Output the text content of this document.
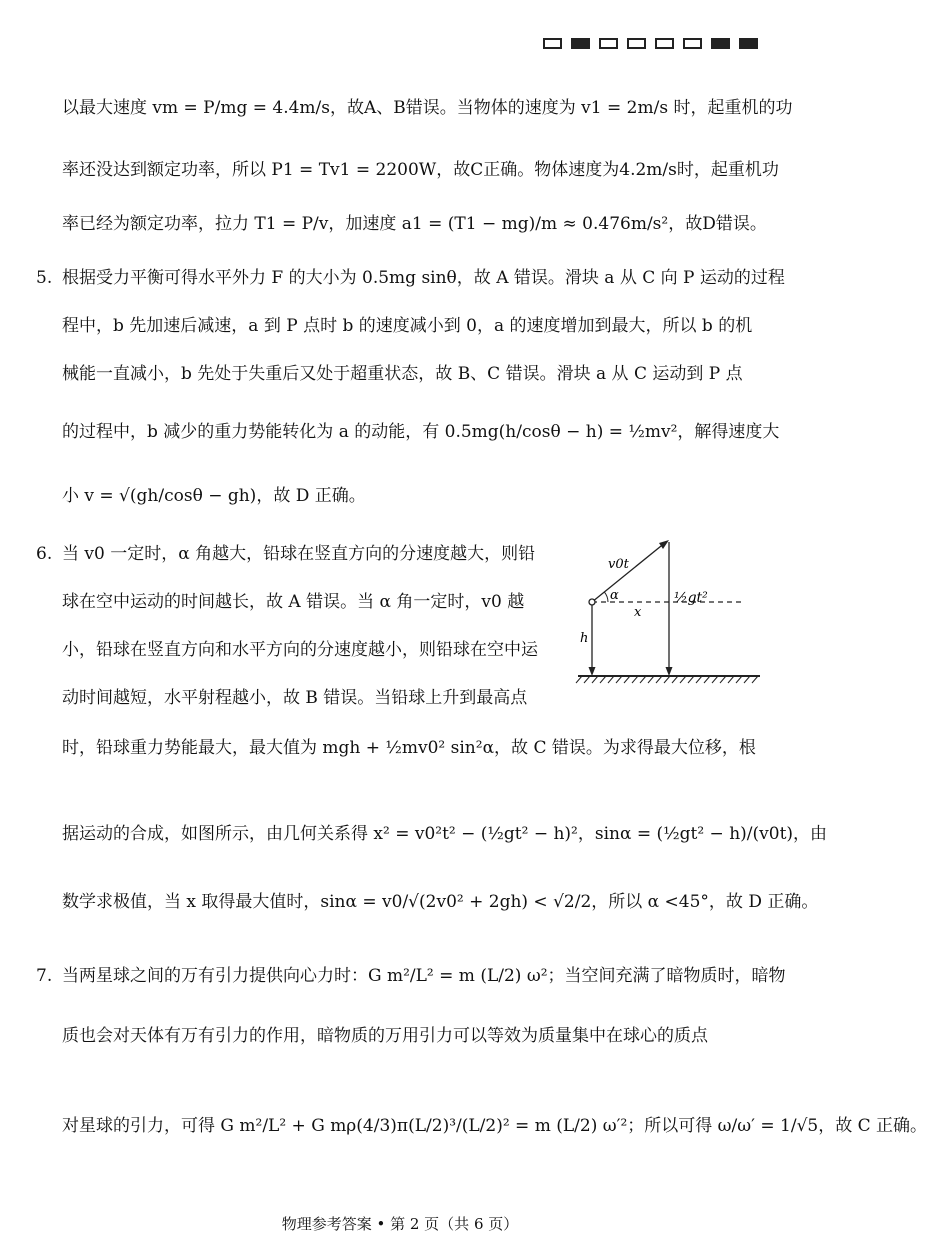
以最大速度 vm = P/mg = 4.4m/s，故A、B错误。当物体的速度为 v1 = 2m/s 时，起重机的功
率还没达到额定功率，所以 P1 = Tv1 = 2200W，故C正确。物体速度为4.2m/s时，起重机功
率已经为额定功率，拉力 T1 = P/v，加速度 a1 = (T1 − mg)/m ≈ 0.476m/s²，故D错误。
5. 根据受力平衡可得水平外力 F 的大小为 0.5mg sinθ，故 A 错误。滑块 a 从 C 向 P 运动的过程
程中，b 先加速后减速，a 到 P 点时 b 的速度减小到 0，a 的速度增加到最大，所以 b 的机
械能一直减小，b 先处于失重后又处于超重状态，故 B、C 错误。滑块 a 从 C 运动到 P 点
的过程中，b 减少的重力势能转化为 a 的动能，有 0.5mg(h/cosθ − h) = ½mv²，解得速度大
小 v = √(gh/cosθ − gh)，故 D 正确。
6. 当 v0 一定时，α 角越大，铅球在竖直方向的分速度越大，则铅
球在空中运动的时间越长，故 A 错误。当 α 角一定时，v0 越
小，铅球在竖直方向和水平方向的分速度越小，则铅球在空中运
动时间越短，水平射程越小，故 B 错误。当铅球上升到最高点
时，铅球重力势能最大，最大值为 mgh + ½mv0² sin²α，故 C 错误。为求得最大位移，根
据运动的合成，如图所示，由几何关系得 x² = v0²t² − (½gt² − h)²，sinα = (½gt² − h)/(v0t)，由
数学求极值，当 x 取得最大值时，sinα = v0/√(2v0² + 2gh) < √2/2，所以 α <45°，故 D 正确。
7. 当两星球之间的万有引力提供向心力时：G m²/L² = m (L/2) ω²；当空间充满了暗物质时，暗物
质也会对天体有万有引力的作用，暗物质的万用引力可以等效为质量集中在球心的质点
对星球的引力，可得 G m²/L² + G mρ(4/3)π(L/2)³/(L/2)² = m (L/2) ω′²；所以可得 ω/ω′ = 1/√5，故 C 正确。
v0t
α	½gt²
x
h
物理参考答案 • 第 2 页（共 6 页）
